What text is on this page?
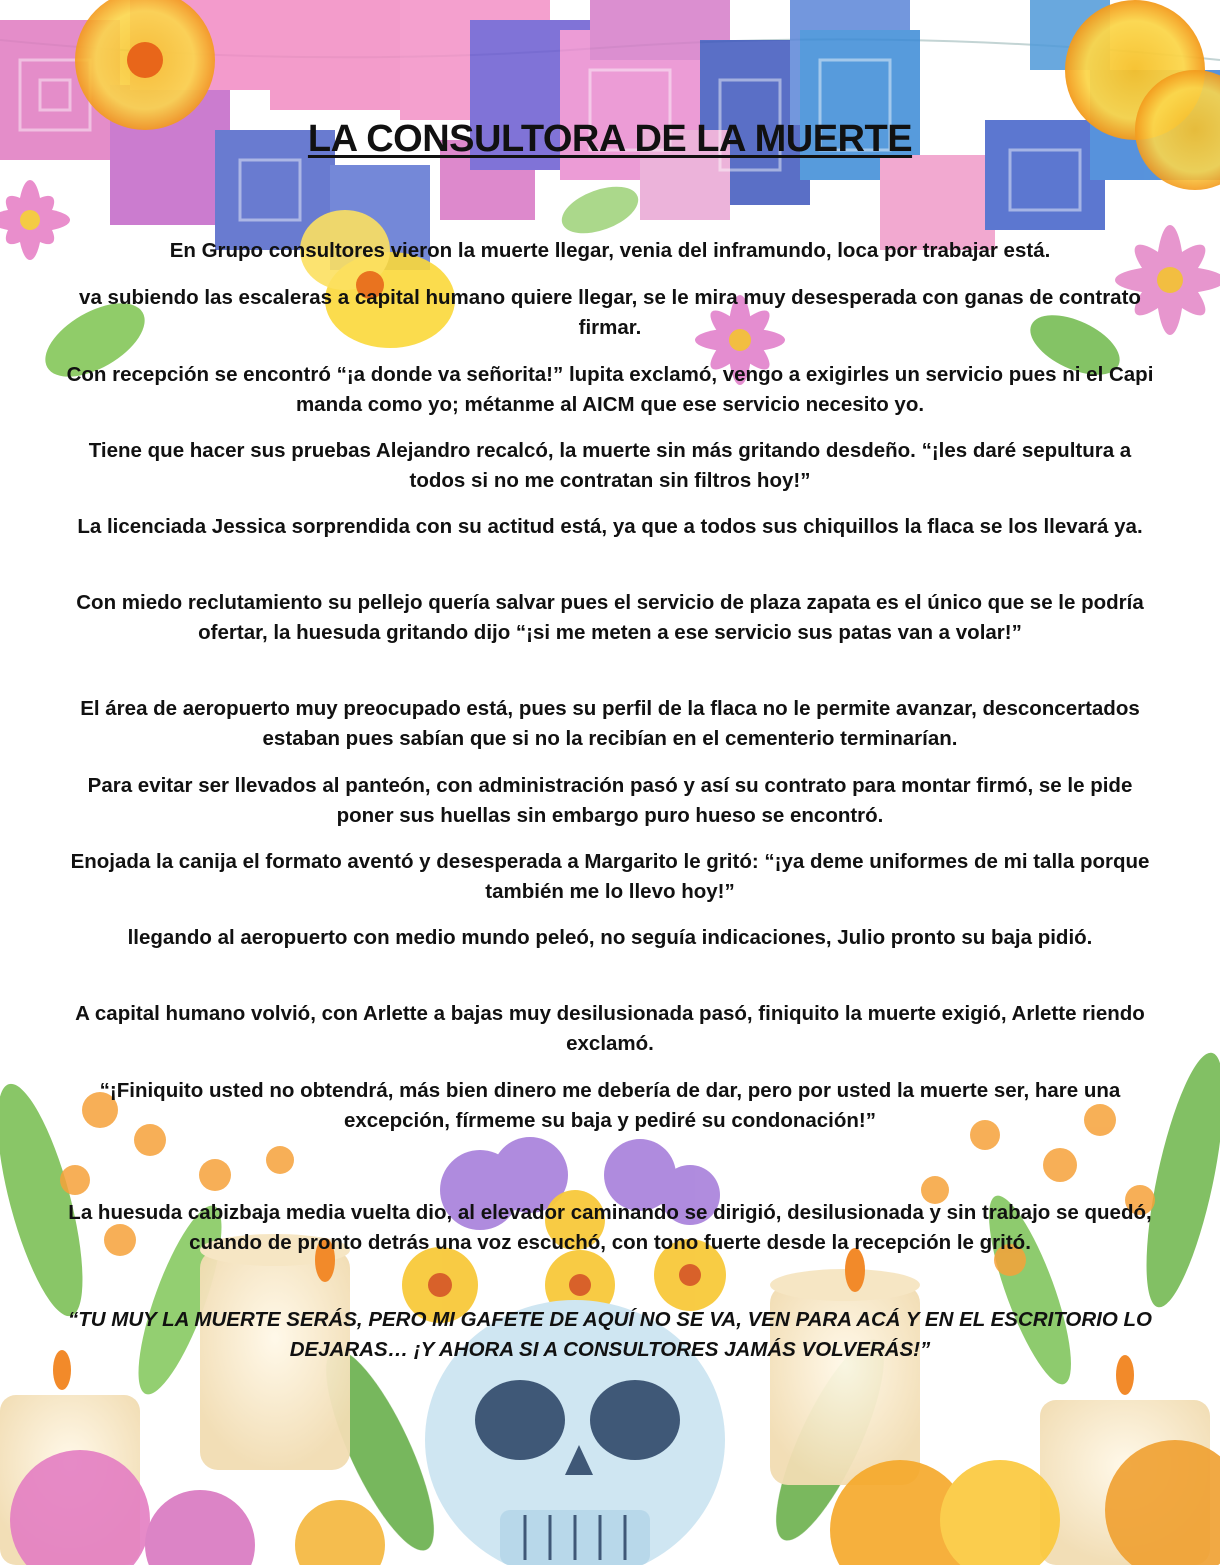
LA CONSULTORA DE LA MUERTE

En Grupo consultores vieron la muerte llegar, venia del inframundo, loca por trabajar está.

va subiendo las escaleras a capital humano quiere llegar, se le mira muy desesperada con ganas de contrato firmar.

Con recepción se encontró “¡a donde va señorita!” lupita exclamó, vengo a exigirles un servicio pues ni el Capi manda como yo; métanme al AICM que ese servicio necesito yo.

Tiene que hacer sus pruebas Alejandro recalcó, la muerte sin más gritando desdeño. “¡les daré sepultura a todos si no me contratan sin filtros hoy!”

La licenciada Jessica sorprendida con su actitud está, ya que a todos sus chiquillos la flaca se los llevará ya.

Con miedo reclutamiento su pellejo quería salvar pues el servicio de plaza zapata es el único que se le podría ofertar, la huesuda gritando dijo “¡si me meten a ese servicio sus patas van a volar!”

El área de aeropuerto muy preocupado está, pues su perfil de la flaca no le permite avanzar, desconcertados estaban pues sabían que si no la recibían en el cementerio terminarían.

Para evitar ser llevados al panteón, con administración pasó y así su contrato para montar firmó, se le pide poner sus huellas sin embargo puro hueso se encontró.

Enojada la canija el formato aventó y desesperada a Margarito le gritó: “¡ya deme uniformes de mi talla porque también me lo llevo hoy!”

llegando al aeropuerto con medio mundo peleó, no seguía indicaciones, Julio pronto su baja pidió.

A capital humano volvió, con Arlette a bajas muy desilusionada pasó, finiquito la muerte exigió, Arlette riendo exclamó.

“¡Finiquito usted no obtendrá, más bien dinero me debería de dar, pero por usted la muerte ser, hare una excepción, fírmeme su baja y pediré su condonación!”

La huesuda cabizbaja media vuelta dio, al elevador caminando se dirigió, desilusionada y sin trabajo se quedó, cuando de pronto detrás una voz escuchó, con tono fuerte desde la recepción le gritó.

“TU MUY LA MUERTE SERÁS, PERO MI GAFETE DE AQUÍ NO SE VA, VEN PARA ACÁ Y EN EL ESCRITORIO LO DEJARAS… ¡Y AHORA SI A CONSULTORES JAMÁS VOLVERÁS!”
